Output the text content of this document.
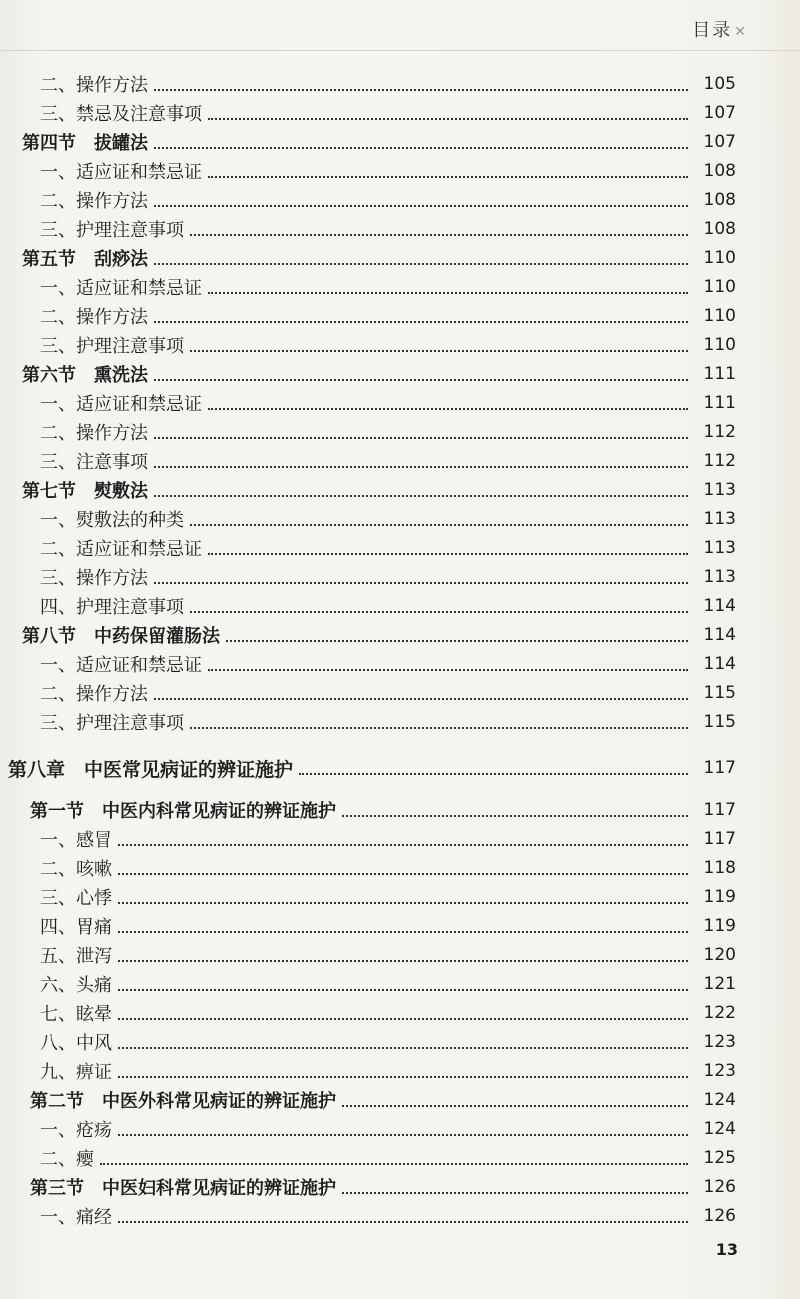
目录 ✕
二、操作方法	105
三、禁忌及注意事项	107
第四节　拔罐法	107
一、适应证和禁忌证	108
二、操作方法	108
三、护理注意事项	108
第五节　刮痧法	110
一、适应证和禁忌证	110
二、操作方法	110
三、护理注意事项	110
第六节　熏洗法	111
一、适应证和禁忌证	111
二、操作方法	112
三、注意事项	112
第七节　熨敷法	113
一、熨敷法的种类	113
二、适应证和禁忌证	113
三、操作方法	113
四、护理注意事项	114
第八节　中药保留灌肠法	114
一、适应证和禁忌证	114
二、操作方法	115
三、护理注意事项	115
第八章　中医常见病证的辨证施护	117
第一节　中医内科常见病证的辨证施护	117
一、感冒	117
二、咳嗽	118
三、心悸	119
四、胃痛	119
五、泄泻	120
六、头痛	121
七、眩晕	122
八、中风	123
九、痹证	123
第二节　中医外科常见病证的辨证施护	124
一、疮疡	124
二、瘿	125
第三节　中医妇科常见病证的辨证施护	126
一、痛经	126
13
